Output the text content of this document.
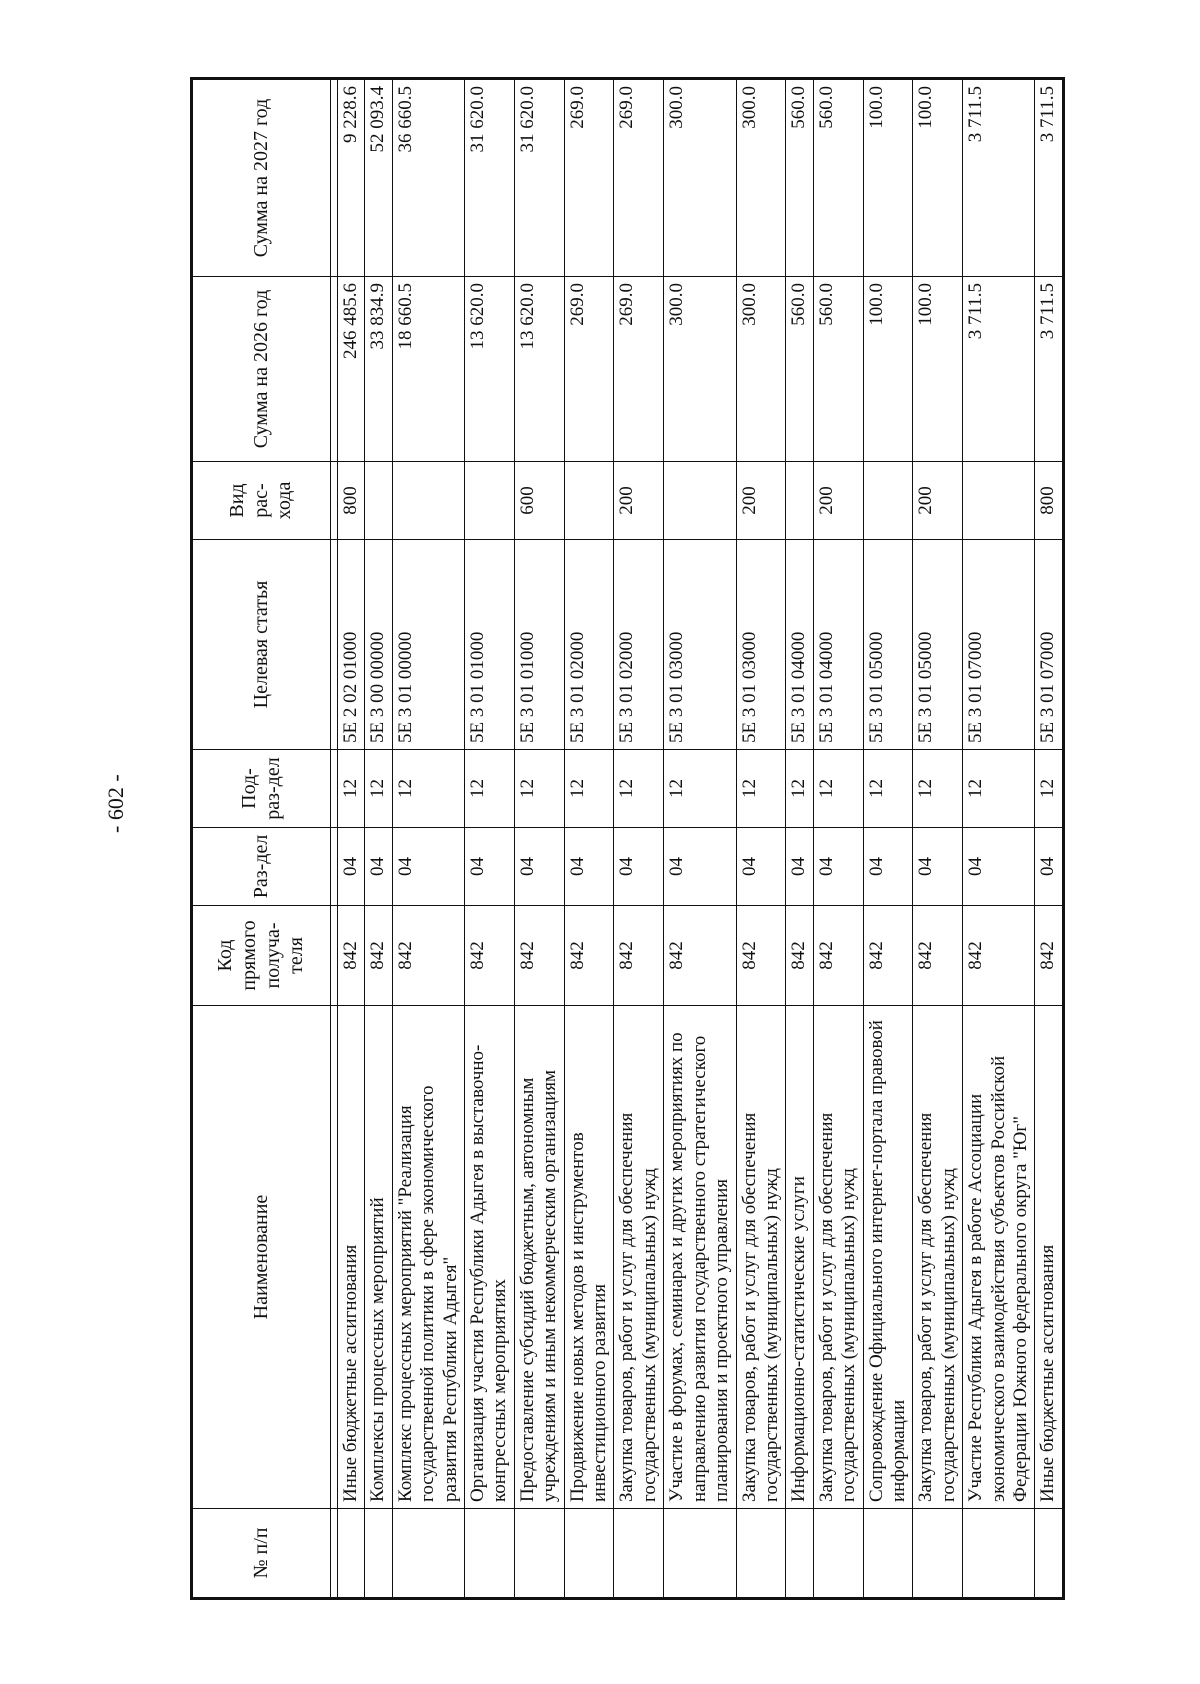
- 602 -
№ п/п	Наименование	Код прямого получа-теля	Раз-дел	Под-раз-дел	Целевая статья	Вид рас-хода	Сумма на 2026 год	Сумма на 2027 год

	Иные бюджетные ассигнования	842	04	12	5Е 2 02 01000	800	246 485.6	9 228.6
	Комплексы процессных мероприятий	842	04	12	5Е 3 00 00000		33 834.9	52 093.4
	Комплекс процессных мероприятий "Реализация государственной политики в сфере экономического развития Республики Адыгея"	842	04	12	5Е 3 01 00000		18 660.5	36 660.5
	Организация участия Республики Адыгея в выставочно-конгрессных мероприятиях	842	04	12	5Е 3 01 01000		13 620.0	31 620.0
	Предоставление субсидий бюджетным, автономным учреждениям и иным некоммерческим организациям	842	04	12	5Е 3 01 01000	600	13 620.0	31 620.0
	Продвижение новых методов и инструментов инвестиционного развития	842	04	12	5Е 3 01 02000		269.0	269.0
	Закупка товаров, работ и услуг для обеспечения государственных (муниципальных) нужд	842	04	12	5Е 3 01 02000	200	269.0	269.0
	Участие в форумах, семинарах и других мероприятиях по направлению развития государственного стратегического планирования и проектного управления	842	04	12	5Е 3 01 03000		300.0	300.0
	Закупка товаров, работ и услуг для обеспечения государственных (муниципальных) нужд	842	04	12	5Е 3 01 03000	200	300.0	300.0
	Информационно-статистические услуги	842	04	12	5Е 3 01 04000		560.0	560.0
	Закупка товаров, работ и услуг для обеспечения государственных (муниципальных) нужд	842	04	12	5Е 3 01 04000	200	560.0	560.0
	Сопровождение Официального интернет-портала правовой информации	842	04	12	5Е 3 01 05000		100.0	100.0
	Закупка товаров, работ и услуг для обеспечения государственных (муниципальных) нужд	842	04	12	5Е 3 01 05000	200	100.0	100.0
	Участие Республики Адыгея в работе Ассоциации экономического взаимодействия субъектов Российской Федерации Южного федерального округа "Юг"	842	04	12	5Е 3 01 07000		3 711.5	3 711.5
	Иные бюджетные ассигнования	842	04	12	5Е 3 01 07000	800	3 711.5	3 711.5
